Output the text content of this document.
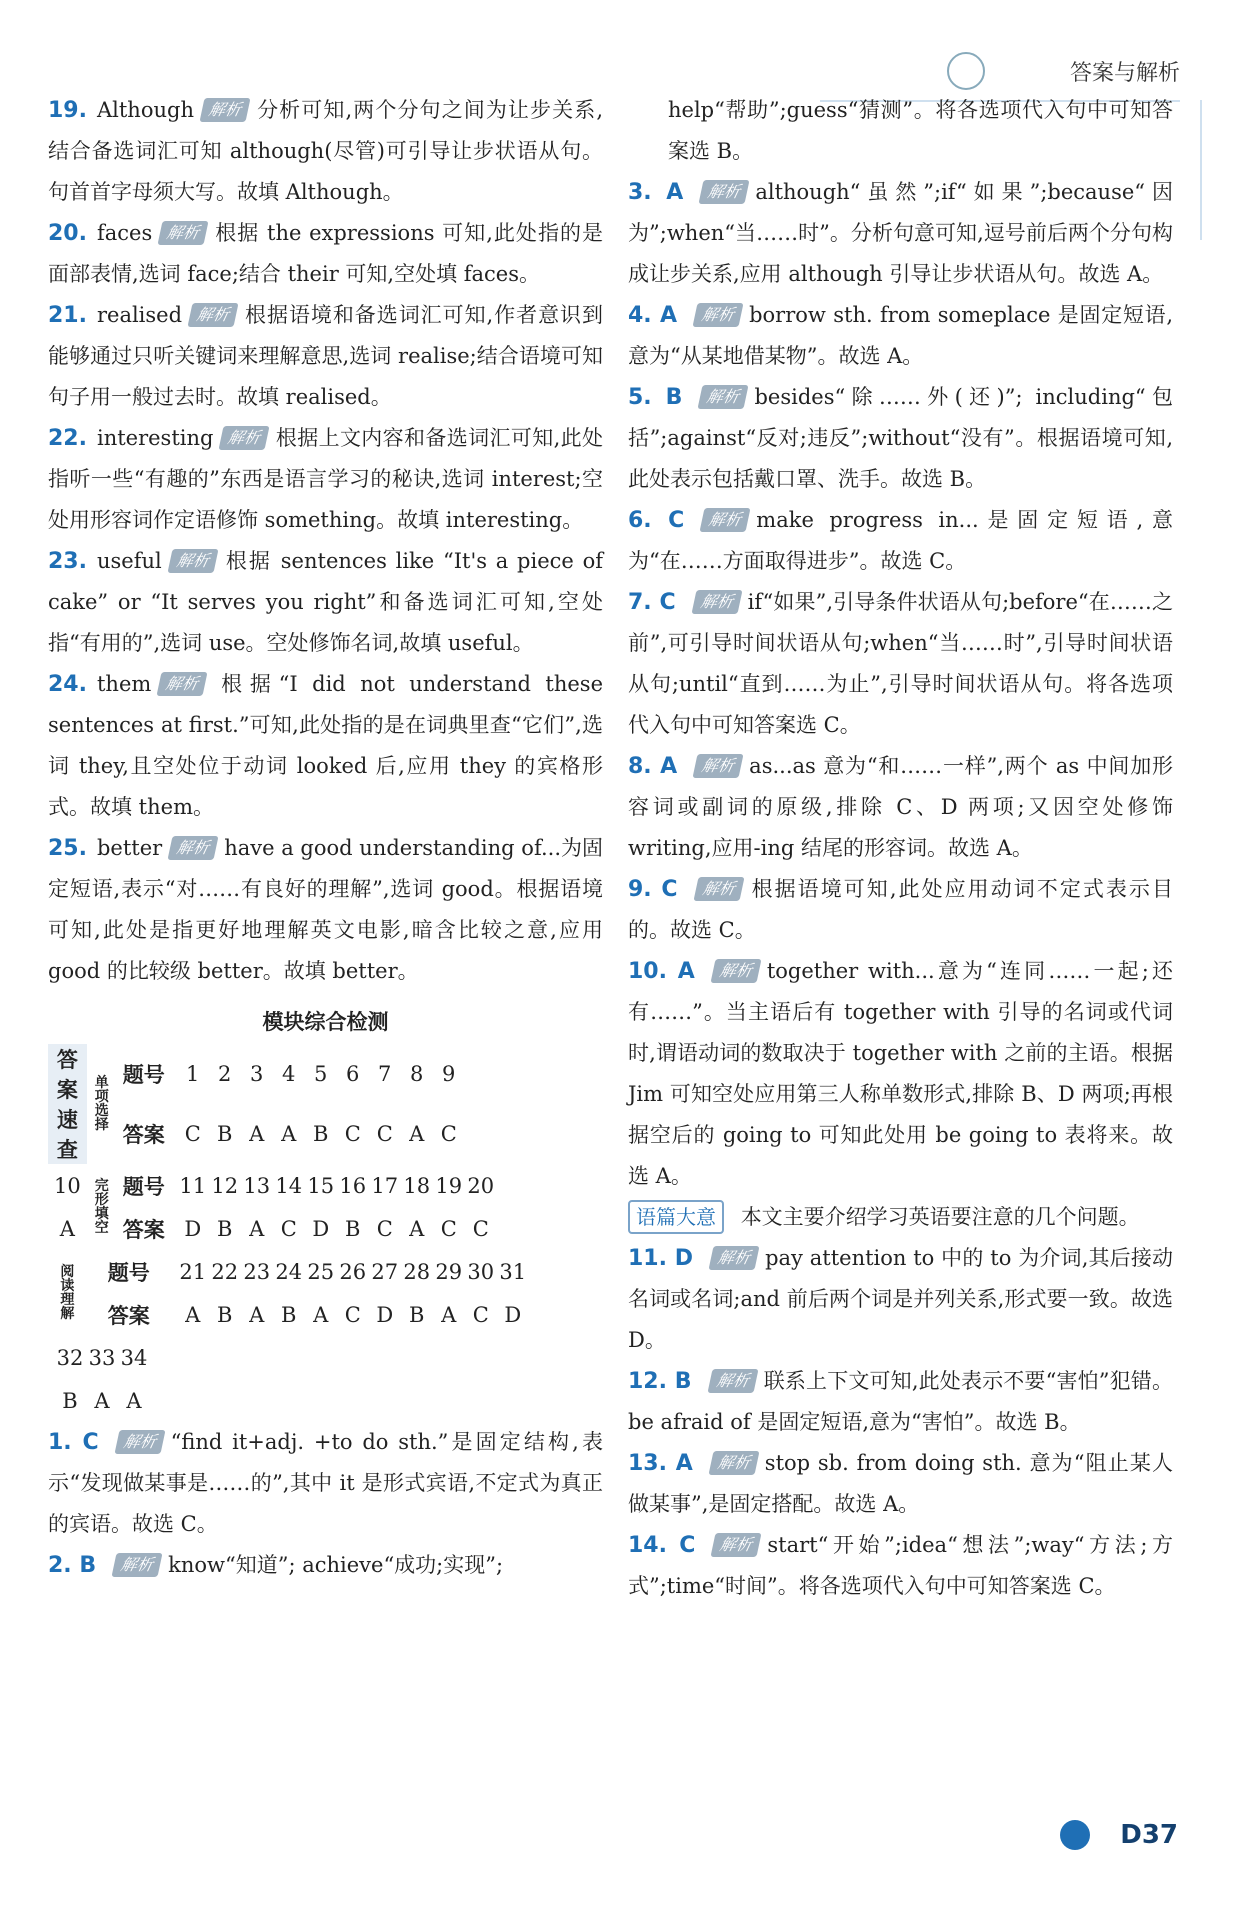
答案与解析
19. Although 解析 分析可知,两个分句之间为让步关系,结合备选词汇可知 although(尽管)可引导让步状语从句。句首首字母须大写。故填 Although。
20. faces 解析 根据 the expressions 可知,此处指的是面部表情,选词 face;结合 their 可知,空处填 faces。
21. realised 解析 根据语境和备选词汇可知,作者意识到能够通过只听关键词来理解意思,选词 realise;结合语境可知句子用一般过去时。故填 realised。
22. interesting 解析 根据上文内容和备选词汇可知,此处指听一些“有趣的”东西是语言学习的秘诀,选词 interest;空处用形容词作定语修饰 something。故填 interesting。
23. useful 解析 根据 sentences like “It's a piece of cake” or “It serves you right”和备选词汇可知,空处指“有用的”,选词 use。空处修饰名词,故填 useful。
24. them 解析 根据“I did not understand these sentences at first.”可知,此处指的是在词典里查“它们”,选词 they,且空处位于动词 looked 后,应用 they 的宾格形式。故填 them。
25. better 解析 have a good understanding of...为固定短语,表示“对……有良好的理解”,选词 good。根据语境可知,此处是指更好地理解英文电影,暗含比较之意,应用 good 的比较级 better。故填 better。
模块综合检测
答案
速查	单项选择	题号	1 2 3 4 5 6 7 8 9
		答案	C B A A B C C A C
10	完形填空	题号	11 12 13 14 15 16 17 18 19 20
A		答案	D B A C D B C A C C
阅读理解	题号		21 22 23 24 25 26 27 28 29 30 31
	答案		A B A B A C D B A C D
32 33 34			
B A A			
1. C 解析 “find it+adj. +to do sth.”是固定结构,表示“发现做某事是……的”,其中 it 是形式宾语,不定式为真正的宾语。故选 C。
2. B 解析 know“知道”; achieve“成功;实现”;
help“帮助”;guess“猜测”。将各选项代入句中可知答案选 B。
3. A 解析 although“虽然”;if“如果”;because“因为”;when“当……时”。分析句意可知,逗号前后两个分句构成让步关系,应用 although 引导让步状语从句。故选 A。
4. A 解析 borrow sth. from someplace 是固定短语,意为“从某地借某物”。故选 A。
5. B 解析 besides“除……外(还)”; including“包括”;against“反对;违反”;without“没有”。根据语境可知,此处表示包括戴口罩、洗手。故选 B。
6. C 解析 make progress in...是固定短语,意为“在……方面取得进步”。故选 C。
7. C 解析 if“如果”,引导条件状语从句;before“在……之前”,可引导时间状语从句;when“当……时”,引导时间状语从句;until“直到……为止”,引导时间状语从句。将各选项代入句中可知答案选 C。
8. A 解析 as...as 意为“和……一样”,两个 as 中间加形容词或副词的原级,排除 C、D 两项;又因空处修饰 writing,应用-ing 结尾的形容词。故选 A。
9. C 解析 根据语境可知,此处应用动词不定式表示目的。故选 C。
10. A 解析 together with...意为“连同……一起;还有……”。当主语后有 together with 引导的名词或代词时,谓语动词的数取决于 together with 之前的主语。根据 Jim 可知空处应用第三人称单数形式,排除 B、D 两项;再根据空后的 going to 可知此处用 be going to 表将来。故选 A。
语篇大意 本文主要介绍学习英语要注意的几个问题。
11. D 解析 pay attention to 中的 to 为介词,其后接动名词或名词;and 前后两个词是并列关系,形式要一致。故选 D。
12. B 解析 联系上下文可知,此处表示不要“害怕”犯错。be afraid of 是固定短语,意为“害怕”。故选 B。
13. A 解析 stop sb. from doing sth. 意为“阻止某人做某事”,是固定搭配。故选 A。
14. C 解析 start“开始”;idea“想法”;way“方法;方式”;time“时间”。将各选项代入句中可知答案选 C。
D37
